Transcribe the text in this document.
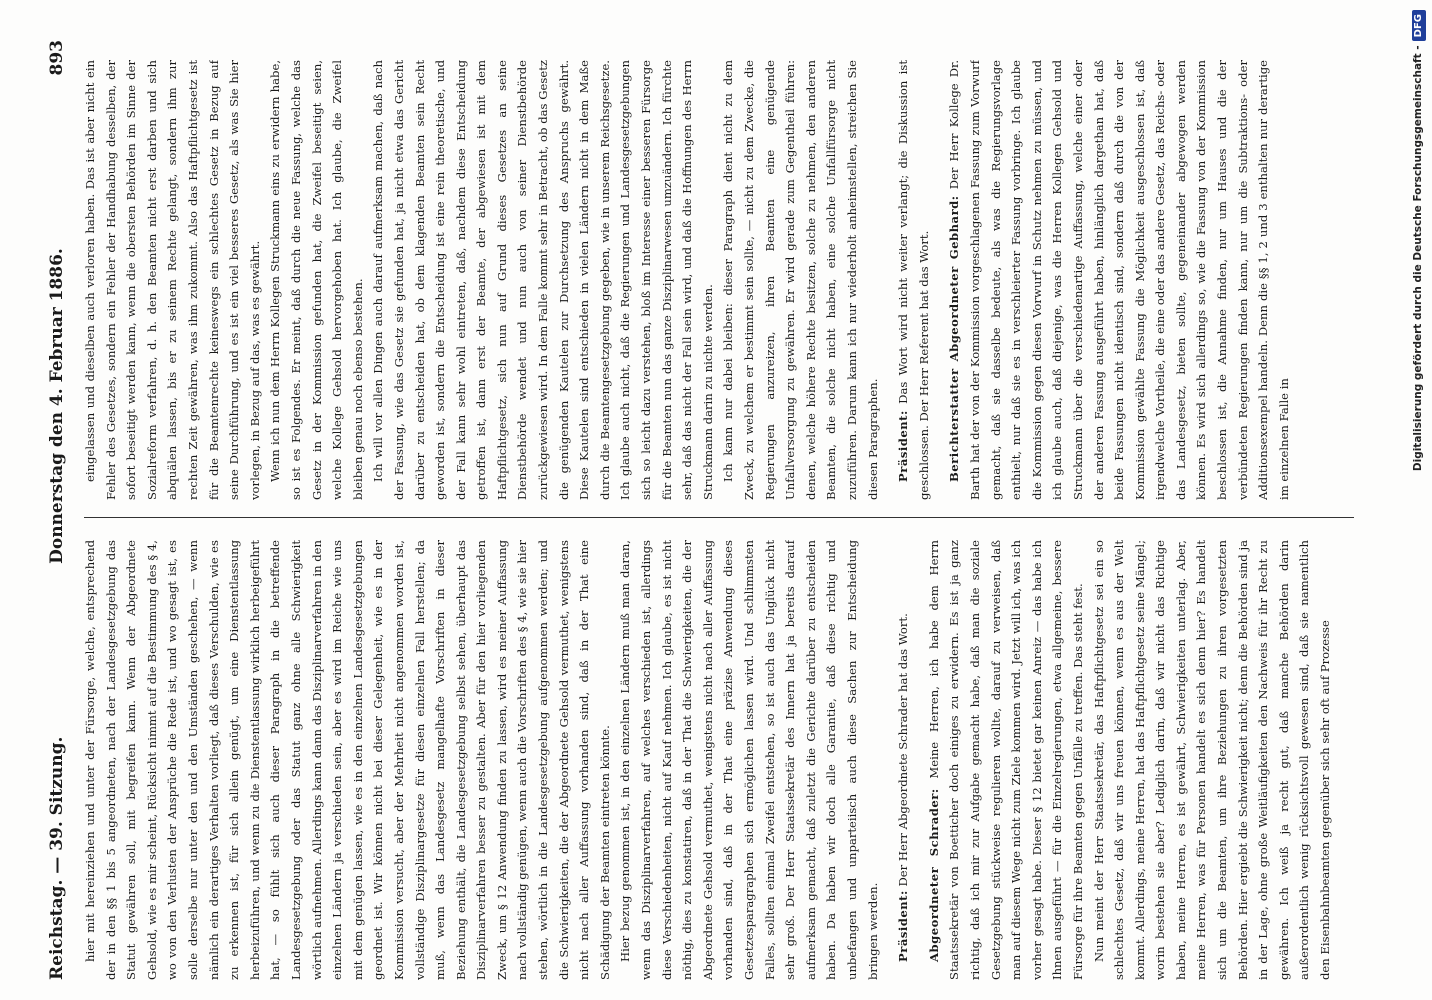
Reichstag. — 39. Sitzung.
Donnerstag den 4. Februar 1886.
893

hier mit hereinziehen und unter der Fürsorge, welche, entsprechend der in den §§ 1 bis 5 angeordneten, nach der Landesgesetzgebung das Statut gewähren soll, mit begreifen kann. Wenn der Abgeordnete Gehsold, wie es mir scheint, Rücksicht nimmt auf die Bestimmung des § 4, wo von den Verlusten der Ansprüche die Rede ist, und wo gesagt ist, es solle derselbe nur unter den und den Umständen geschehen, — wenn nämlich ein derartiges Verhalten vorliegt, daß dieses Verschulden, wie es zu erkennen ist, für sich allein genügt, um eine Dienstentlassung herbeizuführen, und wenn zu die Dienstentlassung wirklich herbeigeführt hat, — so fühlt sich auch dieser Paragraph in die betreffende Landesgesetzgebung oder das Statut ganz ohne alle Schwierigkeit wörtlich aufnehmen. Allerdings kann dann das Disziplinarverfahren in den einzelnen Ländern ja verschieden sein, aber es wird im Reiche wie uns mit dem genügen lassen, wie es in den einzelnen Landesgesetzgebungen geordnet ist. Wir können nicht bei dieser Gelegenheit, wie es in der Kommission versucht, aber der Mehrheit nicht angenommen worden ist, vollständige Disziplinargesetze für diesen einzelnen Fall herstellen; da muß, wenn das Landesgesetz mangelhafte Vorschriften in dieser Beziehung enthält, die Landesgesetzgebung selbst sehen, überhaupt das Disziplinarverfahren besser zu gestalten. Aber für den hier vorliegenden Zweck, um § 12 Anwendung finden zu lassen, wird es meiner Auffassung nach vollständig genügen, wenn auch die Vorschriften des § 4, wie sie hier stehen, wörtlich in die Landesgesetzgebung aufgenommen werden; und die Schwierigkeiten, die der Abgeordnete Gehsold vermuthet, wenigstens nicht nach aller Auffassung vorhanden sind, daß in der That eine Schädigung der Beamten eintreten könnte. Hier bezug genommen ist, in den einzelnen Ländern muß man daran, wenn das Disziplinarverfahren, auf welches verschieden ist, allerdings diese Verschiedenheiten, nicht auf Kauf nehmen. Ich glaube, es ist nicht nöthig, dies zu konstatiren, daß in der That die Schwierigkeiten, die der Abgeordnete Gehsold vermuthet, wenigstens nicht nach aller Auffassung vorhanden sind, daß in der That eine präzise Anwendung dieses Gesetzesparagraphen sich ermöglichen lassen wird. Und schlimmsten Falles, sollten einmal Zweifel entstehen, so ist auch das Unglück nicht sehr groß. Der Herr Staatssekretär des Innern hat ja bereits darauf aufmerksam gemacht, daß zuletzt die Gerichte darüber zu entscheiden haben. Da haben wir doch alle Garantie, daß diese richtig und unbefangen und unparteiisch auch diese Sachen zur Entscheidung bringen werden.	Präsident: Der Herr Abgeordnete Schrader hat das Wort.	Abgeordneter Schrader: Meine Herren, ich habe dem Herrn Staatssekretär von Boetticher doch einiges zu erwidern. Es ist ja ganz richtig, daß ich mir zur Aufgabe gemacht habe, daß man die soziale Gesetzgebung stückweise regulieren wollte, darauf zu verweisen, daß man auf diesem Wege nicht zum Ziele kommen wird. Jetzt will ich, was ich vorher gesagt habe. Dieser § 12 bietet gar keinen Anreiz — das habe ich Ihnen ausgeführt — für die Einzelregierungen, etwa allgemeine, bessere Fürsorge für ihre Beamten gegen Unfälle zu treffen. Das steht fest. Nun meint der Herr Staatssekretär, das Haftpflichtgesetz sei ein so schlechtes Gesetz, daß wir uns freuen können, wenn es aus der Welt kommt. Allerdings, meine Herren, hat das Haftpflichtgesetz seine Mängel; worin bestehen sie aber? Lediglich darin, daß wir nicht das Richtige haben, meine Herren, es ist gewährt, Schwierigkeiten unterlag. Aber, meine Herren, was für Personen handelt es sich denn hier? Es handelt sich um die Beamten, um ihre Beziehungen zu ihren vorgesetzten Behörden. Hier ergiebt die Schwierigkeit nicht; denn die Behörden sind ja in der Lage, ohne große Weitläufigkeiten den Nachweis für ihr Recht zu gewähren. Ich weiß ja recht gut, daß manche Behörden darin außerordentlich wenig rücksichtsvoll gewesen sind, daß sie namentlich den Eisenbahnbeamten gegenüber sich sehr oft auf Prozesse

eingelassen und dieselben auch verloren haben. Das ist aber nicht ein Fehler des Gesetzes, sondern ein Fehler der Handhabung desselben, der sofort beseitigt werden kann, wenn die obersten Behörden im Sinne der Sozialreform verfahren, d. h. den Beamten nicht erst darben und sich abquälen lassen, bis er zu seinem Rechte gelangt, sondern ihm zur rechten Zeit gewähren, was ihm zukommt. Also das Haftpflichtgesetz ist für die Beamtenrechte keineswegs ein schlechtes Gesetz in Bezug auf seine Durchführung, und es ist ein viel besseres Gesetz, als was Sie hier vorlegen, in Bezug auf das, was es gewährt. Wenn ich nun dem Herrn Kollegen Struckmann eins zu erwidern habe, so ist es Folgendes. Er meint, daß durch die neue Fassung, welche das Gesetz in der Kommission gefunden hat, die Zweifel beseitigt seien, welche Kollege Gehsold hervorgehoben hat. Ich glaube, die Zweifel bleiben genau noch ebenso bestehen. Ich will vor allen Dingen auch darauf aufmerksam machen, daß nach der Fassung, wie das Gesetz sie gefunden hat, ja nicht etwa das Gericht darüber zu entscheiden hat, ob dem klagenden Beamten sein Recht geworden ist, sondern die Entscheidung ist eine rein theoretische, und der Fall kann sehr wohl eintreten, daß, nachdem diese Entscheidung getroffen ist, dann erst der Beamte, der abgewiesen ist mit dem Haftpflichtgesetz, sich nun auf Grund dieses Gesetzes an seine Dienstbehörde wendet und nun auch von seiner Dienstbehörde zurückgewiesen wird. In dem Falle kommt sehr in Betracht, ob das Gesetz die genügenden Kautelen zur Durchsetzung des Anspruchs gewährt. Diese Kautelen sind entschieden in vielen Ländern nicht in dem Maße durch die Beamtengesetzgebung gegeben, wie in unserem Reichsgesetze. Ich glaube auch nicht, daß die Regierungen und Landesgesetzgebungen sich so leicht dazu verstehen, bloß im Interesse einer besseren Fürsorge für die Beamten nun das ganze Disziplinarwesen umzuändern. Ich fürchte sehr, daß das nicht der Fall sein wird, und daß die Hoffnungen des Herrn Struckmann darin zu nichte werden. Ich kann nur dabei bleiben: dieser Paragraph dient nicht zu dem Zweck, zu welchem er bestimmt sein sollte, — nicht zu dem Zwecke, die Regierungen anzureizen, ihren Beamten eine genügende Unfallversorgung zu gewähren. Er wird gerade zum Gegentheil führen: denen, welche höhere Rechte besitzen, solche zu nehmen, den anderen Beamten, die solche nicht haben, eine solche Unfallfürsorge nicht zuzuführen. Darum kann ich nur wiederholt anheimstellen, streichen Sie diesen Paragraphen.	Präsident: Das Wort wird nicht weiter verlangt; die Diskussion ist geschlossen. Der Herr Referent hat das Wort.	Berichterstatter Abgeordneter Gebhard: Der Herr Kollege Dr. Barth hat der von der Kommission vorgeschlagenen Fassung zum Vorwurf gemacht, daß sie dasselbe bedeute, als was die Regierungsvorlage enthielt, nur daß sie es in verschleierter Fassung vorbringe. Ich glaube die Kommission gegen diesen Vorwurf in Schutz nehmen zu müssen, und ich glaube auch, daß diejenige, was die Herren Kollegen Gehsold und Struckmann über die verschiedenartige Auffassung, welche einer oder der anderen Fassung ausgeführt haben, hinlänglich dargethan hat, daß beide Fassungen nicht identisch sind, sondern daß durch die von der Kommission gewählte Fassung die Möglichkeit ausgeschlossen ist, daß irgendwelche Vortheile, die eine oder das andere Gesetz, das Reichs- oder das Landesgesetz, bieten sollte, gegeneinander abgewogen werden können. Es wird sich allerdings so, wie die Fassung von der Kommission beschlossen ist, die Annahme finden, nur um Hauses und die der verbündeten Regierungen finden kann, nur um die Subtraktions- oder Additionsexempel handeln. Denn die §§ 1, 2 und 3 enthalten nur derartige im einzelnen Falle in	Digitalisierung gefördert durch die Deutsche Forschungsgemeinschaft -DFG
